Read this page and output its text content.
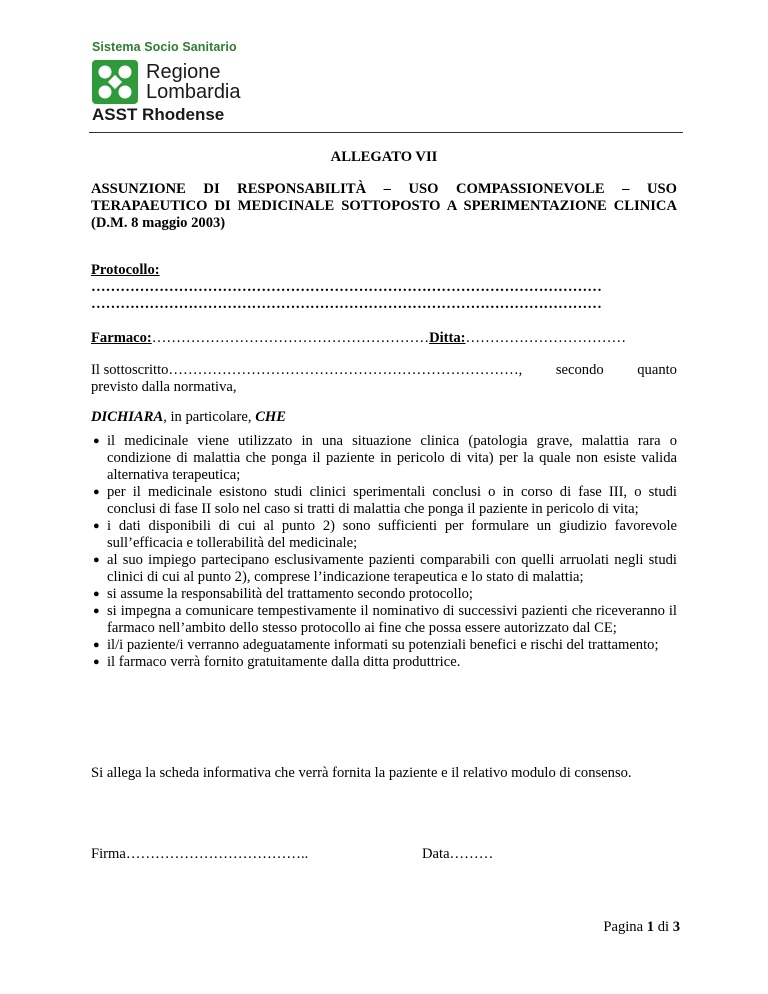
Sistema Socio Sanitario
Regione
Lombardia
ASST Rhodense
ALLEGATO VII
ASSUNZIONE DI RESPONSABILITÀ – USO COMPASSIONEVOLE – USO TERAPAEUTICO DI MEDICINALE SOTTOPOSTO A SPERIMENTAZIONE CLINICA (D.M. 8 maggio 2003)
Protocollo:
……………………………………………………………………………………………
……………………………………………………………………………………………
Farmaco:…………………………………………………Ditta:……………………………
Il sottoscritto………………………………………………………………, secondo quanto
previsto dalla normativa,
DICHIARA, in particolare, CHE
● il medicinale viene utilizzato in una situazione clinica (patologia grave, malattia rara o condizione di malattia che ponga il paziente in pericolo di vita) per la quale non esiste valida alternativa terapeutica;
● per il medicinale esistono studi clinici sperimentali conclusi o in corso di fase III, o studi conclusi di fase II solo nel caso si tratti di malattia che ponga il paziente in pericolo di vita;
● i dati disponibili di cui al punto 2) sono sufficienti per formulare un giudizio favorevole sull’efficacia e tollerabilità del medicinale;
● al suo impiego partecipano esclusivamente pazienti comparabili con quelli arruolati negli studi clinici di cui al punto 2), comprese l’indicazione terapeutica e lo stato di malattia;
● si assume la responsabilità del trattamento secondo protocollo;
● si impegna a comunicare tempestivamente il nominativo di successivi pazienti che riceveranno il farmaco nell’ambito dello stesso protocollo ai fine che possa essere autorizzato dal CE;
● il/i paziente/i verranno adeguatamente informati su potenziali benefici e rischi del trattamento;
● il farmaco verrà fornito gratuitamente dalla ditta produttrice.
Si allega la scheda informativa che verrà fornita la paziente e il relativo modulo di consenso.
Firma………………………………..	Data………
Pagina 1 di 3
